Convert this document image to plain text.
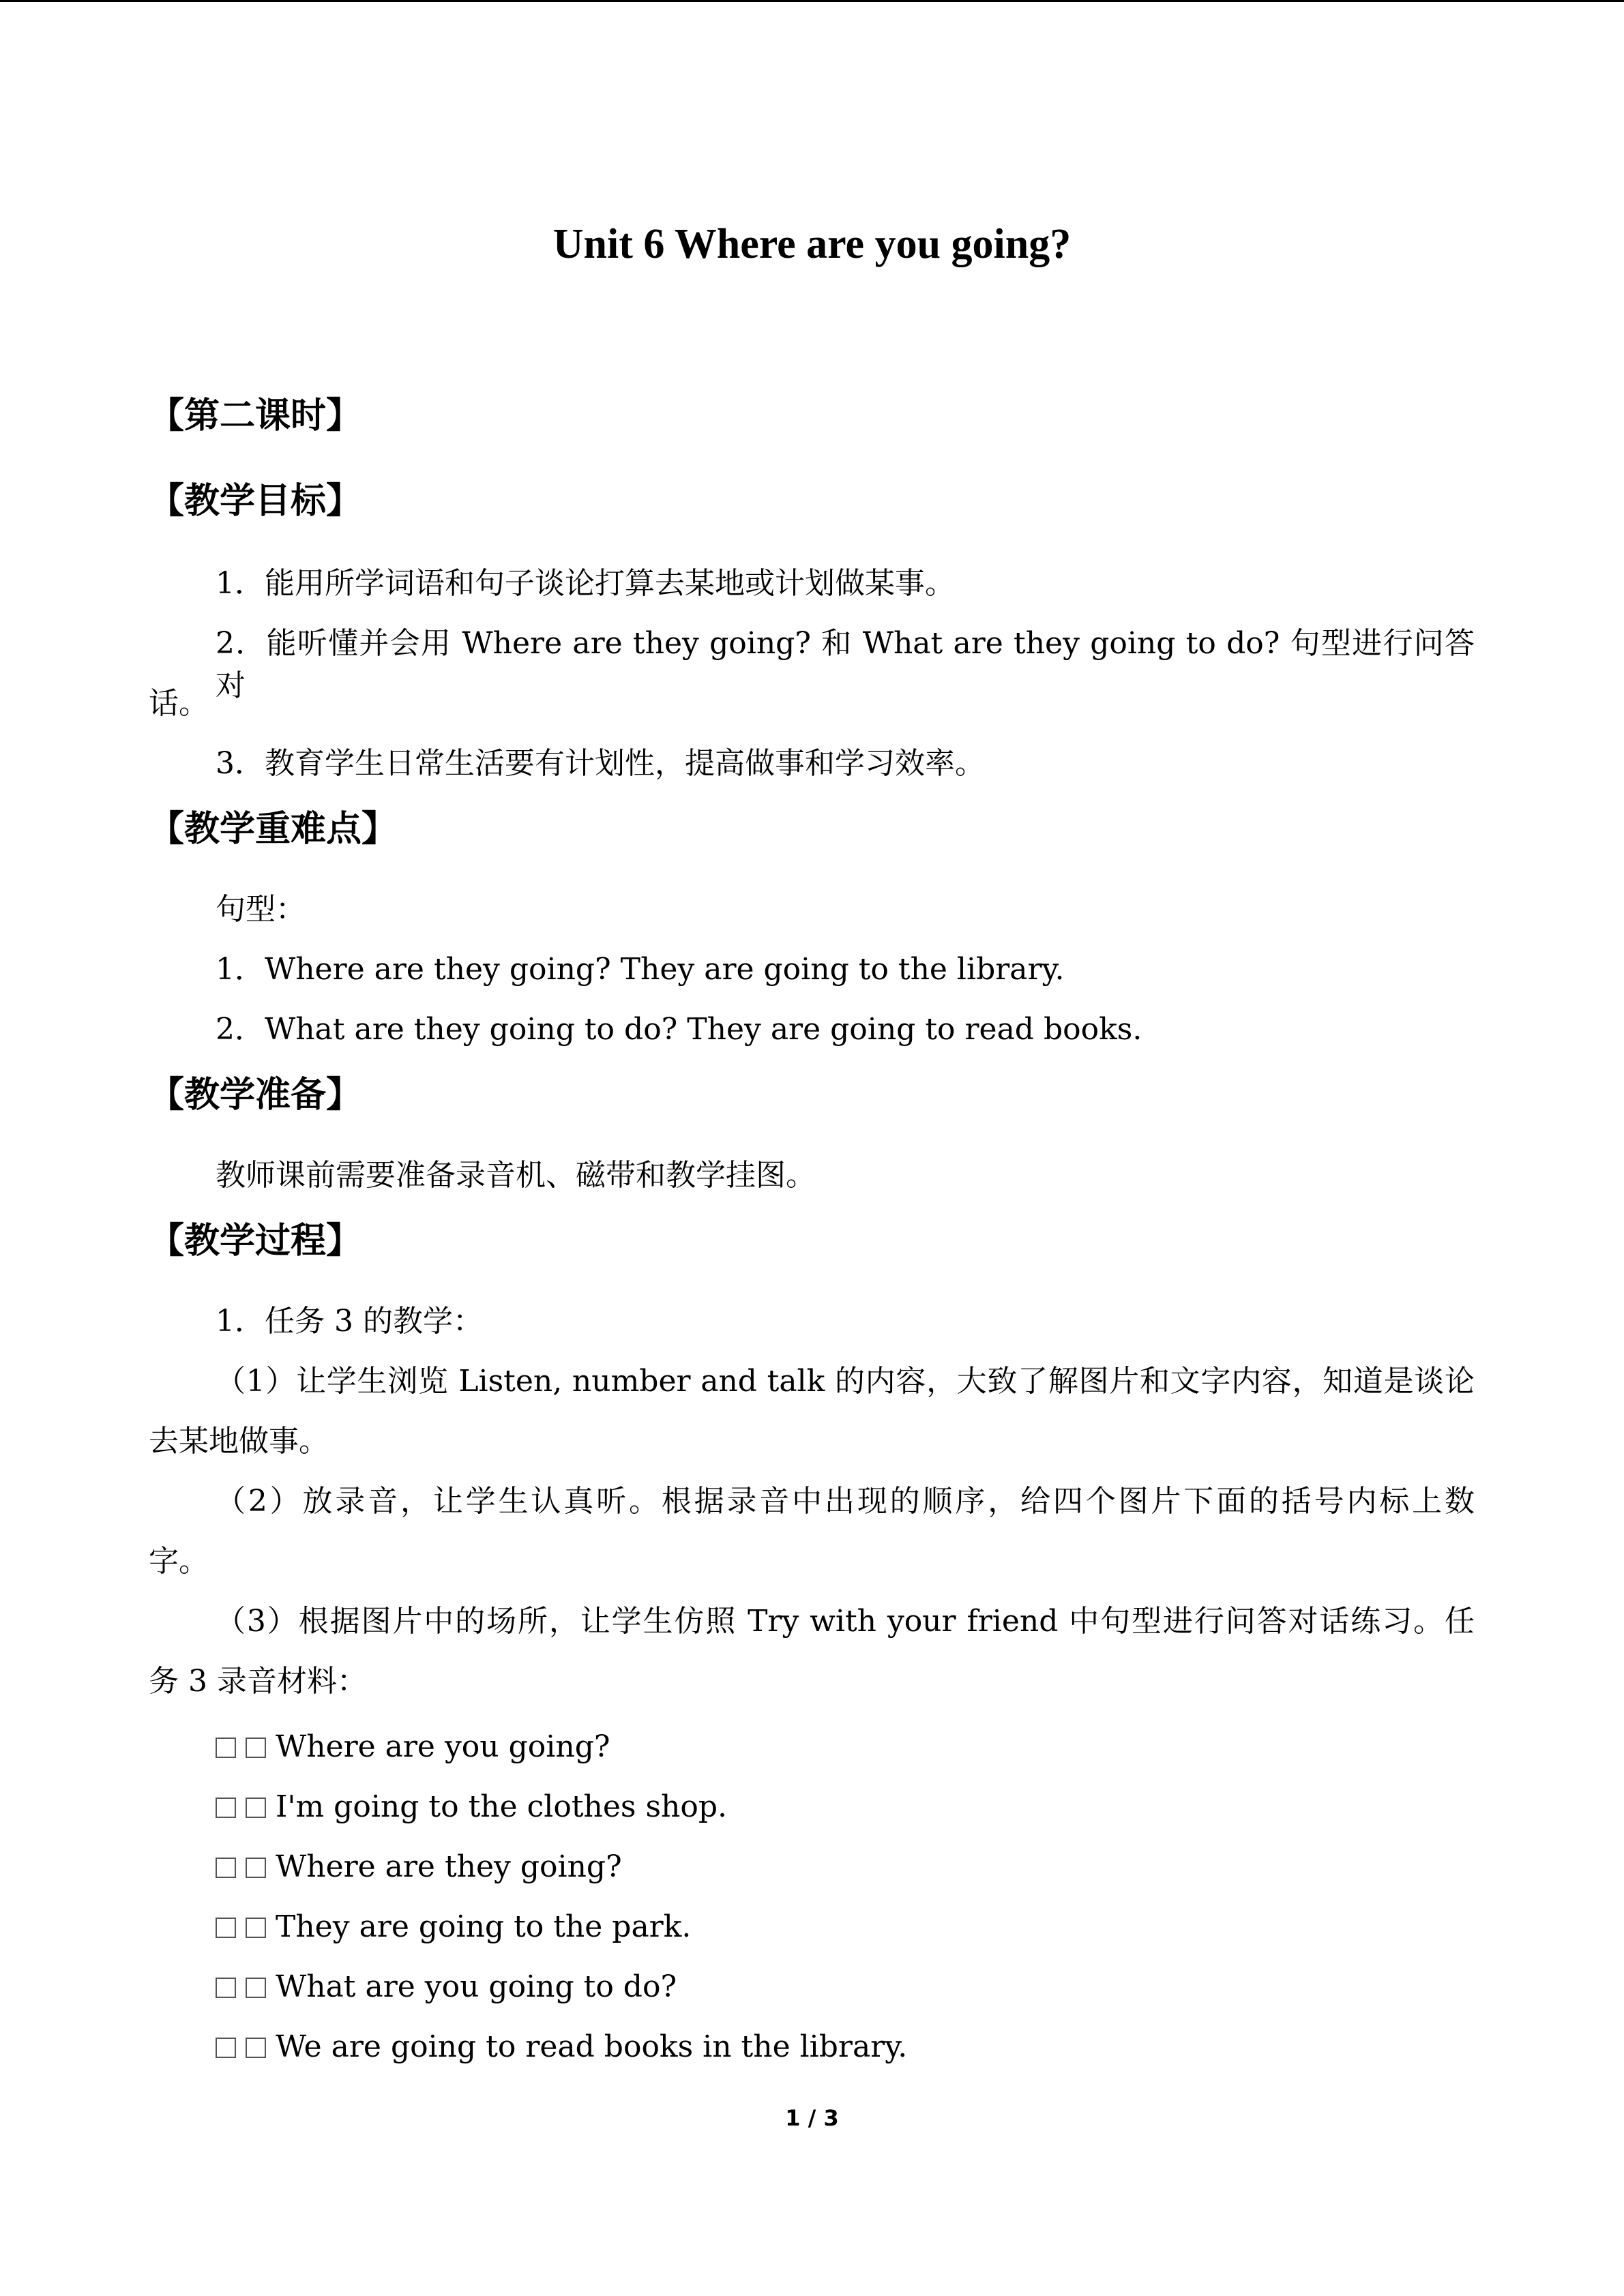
Unit 6 Where are you going?
【第二课时】
【教学目标】
1．能用所学词语和句子谈论打算去某地或计划做某事。
2．能听懂并会用 Where are they going? 和 What are they going to do? 句型进行问答对
话。
3．教育学生日常生活要有计划性，提高做事和学习效率。
【教学重难点】
句型：
1．Where are they going? They are going to the library.
2．What are they going to do? They are going to read books.
【教学准备】
教师课前需要准备录音机、磁带和教学挂图。
【教学过程】
1．任务 3 的教学：
（1）让学生浏览 Listen, number and talk 的内容，大致了解图片和文字内容，知道是谈论
去某地做事。
（2）放录音，让学生认真听。根据录音中出现的顺序，给四个图片下面的括号内标上数
字。
（3）根据图片中的场所，让学生仿照 Try with your friend 中句型进行问答对话练习。任
务 3 录音材料：
Where are you going?
I'm going to the clothes shop.
Where are they going?
They are going to the park.
What are you going to do?
We are going to read books in the library.
1 / 3
